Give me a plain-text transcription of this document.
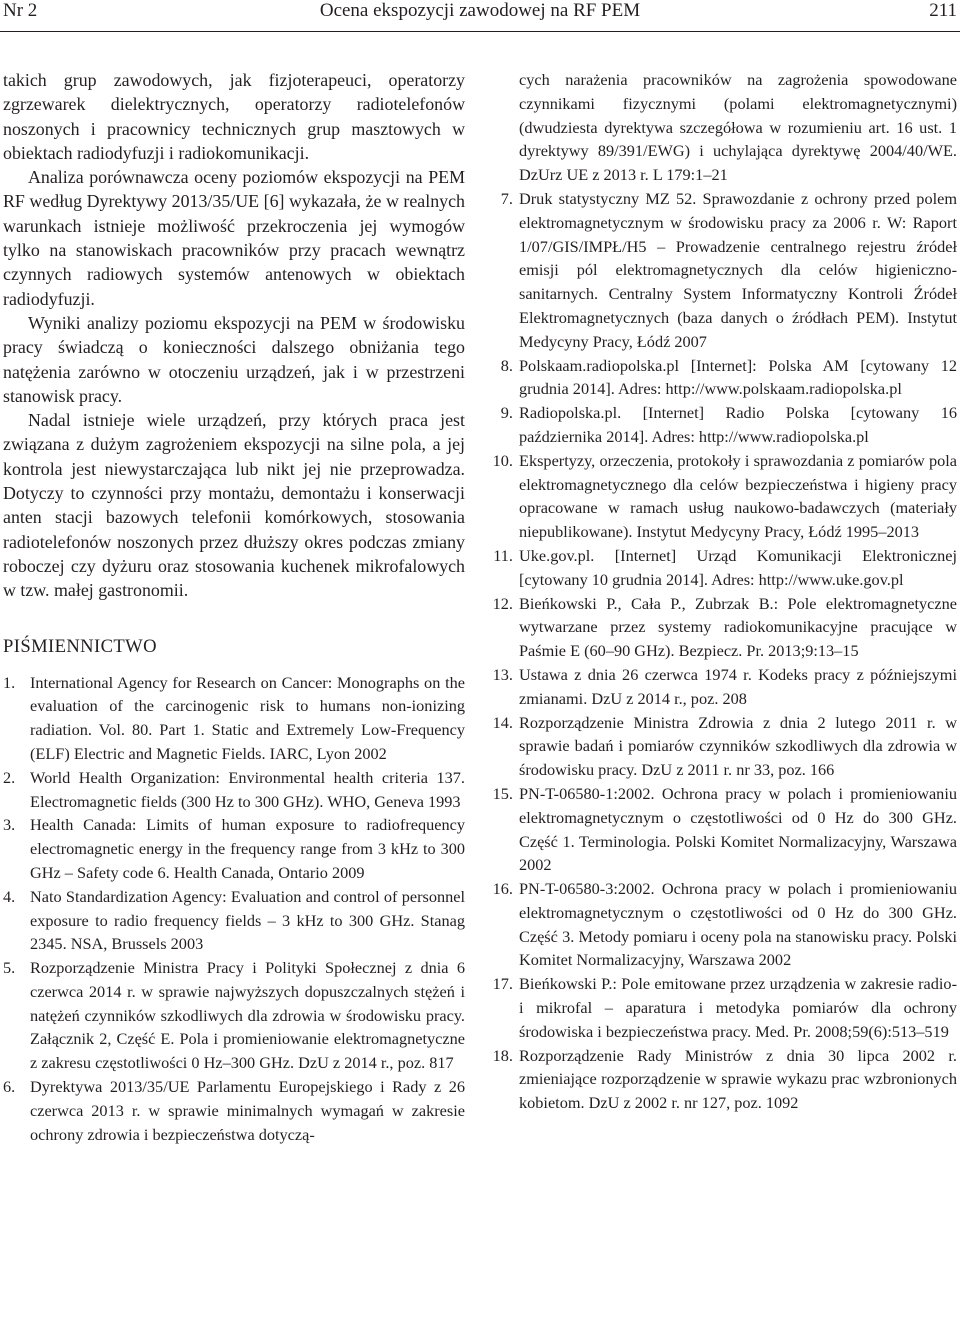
Nr 2	Ocena ekspozycji zawodowej na RF PEM	211

takich grup zawodowych, jak fizjoterapeuci, operatorzy zgrzewarek dielektrycznych, operatorzy radiotelefonów noszonych i pracownicy technicznych grup masztowych w obiektach radiodyfuzji i radiokomunikacji.

Analiza porównawcza oceny poziomów ekspozycji na PEM RF według Dyrektywy 2013/35/UE [6] wykazała, że w realnych warunkach istnieje możliwość przekroczenia jej wymogów tylko na stanowiskach pracowników przy pracach wewnątrz czynnych radiowych systemów antenowych w obiektach radiodyfuzji.

Wyniki analizy poziomu ekspozycji na PEM w środowisku pracy świadczą o konieczności dalszego obniżania tego natężenia zarówno w otoczeniu urządzeń, jak i w przestrzeni stanowisk pracy.

Nadal istnieje wiele urządzeń, przy których praca jest związana z dużym zagrożeniem ekspozycji na silne pola, a jej kontrola jest niewystarczająca lub nikt jej nie przeprowadza. Dotyczy to czynności przy montażu, demontażu i konserwacji anten stacji bazowych telefonii komórkowych, stosowania radiotelefonów noszonych przez dłuższy okres podczas zmiany roboczej czy dyżuru oraz stosowania kuchenek mikrofalowych w tzw. małej gastronomii.

PIŚMIENNICTWO
1. International Agency for Research on Cancer: Monographs on the evaluation of the carcinogenic risk to humans non-ionizing radiation. Vol. 80. Part 1. Static and Extremely Low-Frequency (ELF) Electric and Magnetic Fields. IARC, Lyon 2002
2. World Health Organization: Environmental health criteria 137. Electromagnetic fields (300 Hz to 300 GHz). WHO, Geneva 1993
3. Health Canada: Limits of human exposure to radiofrequency electromagnetic energy in the frequency range from 3 kHz to 300 GHz – Safety code 6. Health Canada, Ontario 2009
4. Nato Standardization Agency: Evaluation and control of personnel exposure to radio frequency fields – 3 kHz to 300 GHz. Stanag 2345. NSA, Brussels 2003
5. Rozporządzenie Ministra Pracy i Polityki Społecznej z dnia 6 czerwca 2014 r. w sprawie najwyższych dopuszczalnych stężeń i natężeń czynników szkodliwych dla zdrowia w środowisku pracy. Załącznik 2, Część E. Pola i promieniowanie elektromagnetyczne z zakresu częstotliwości 0 Hz–300 GHz. DzU z 2014 r., poz. 817
6. Dyrektywa 2013/35/UE Parlamentu Europejskiego i Rady z 26 czerwca 2013 r. w sprawie minimalnych wymagań w zakresie ochrony zdrowia i bezpieczeństwa dotyczą-
cych narażenia pracowników na zagrożenia spowodowane czynnikami fizycznymi (polami elektromagnetycznymi) (dwudziesta dyrektywa szczegółowa w rozumieniu art. 16 ust. 1 dyrektywy 89/391/EWG) i uchylająca dyrektywę 2004/40/WE. DzUrz UE z 2013 r. L 179:1–21
7. Druk statystyczny MZ 52. Sprawozdanie z ochrony przed polem elektromagnetycznym w środowisku pracy za 2006 r. W: Raport 1/07/GIS/IMPŁ/H5 – Prowadzenie centralnego rejestru źródeł emisji pól elektromagnetycznych dla celów higieniczno-sanitarnych. Centralny System Informatyczny Kontroli Źródeł Elektromagnetycznych (baza danych o źródłach PEM). Instytut Medycyny Pracy, Łódź 2007
8. Polskaam.radiopolska.pl [Internet]: Polska AM [cytowany 12 grudnia 2014]. Adres: http://www.polskaam.radiopolska.pl
9. Radiopolska.pl. [Internet] Radio Polska [cytowany 16 października 2014]. Adres: http://www.radiopolska.pl
10. Ekspertyzy, orzeczenia, protokoły i sprawozdania z pomiarów pola elektromagnetycznego dla celów bezpieczeństwa i higieny pracy opracowane w ramach usług naukowo-badawczych (materiały niepublikowane). Instytut Medycyny Pracy, Łódź 1995–2013
11. Uke.gov.pl. [Internet] Urząd Komunikacji Elektronicznej [cytowany 10 grudnia 2014]. Adres: http://www.uke.gov.pl
12. Bieńkowski P., Cała P., Zubrzak B.: Pole elektromagnetyczne wytwarzane przez systemy radiokomunikacyjne pracujące w Paśmie E (60–90 GHz). Bezpiecz. Pr. 2013;9:13–15
13. Ustawa z dnia 26 czerwca 1974 r. Kodeks pracy z późniejszymi zmianami. DzU z 2014 r., poz. 208
14. Rozporządzenie Ministra Zdrowia z dnia 2 lutego 2011 r. w sprawie badań i pomiarów czynników szkodliwych dla zdrowia w środowisku pracy. DzU z 2011 r. nr 33, poz. 166
15. PN-T-06580-1:2002. Ochrona pracy w polach i promieniowaniu elektromagnetycznym o częstotliwości od 0 Hz do 300 GHz. Część 1. Terminologia. Polski Komitet Normalizacyjny, Warszawa 2002
16. PN-T-06580-3:2002. Ochrona pracy w polach i promieniowaniu elektromagnetycznym o częstotliwości od 0 Hz do 300 GHz. Część 3. Metody pomiaru i oceny pola na stanowisku pracy. Polski Komitet Normalizacyjny, Warszawa 2002
17. Bieńkowski P.: Pole emitowane przez urządzenia w zakresie radio- i mikrofal – aparatura i metodyka pomiarów dla ochrony środowiska i bezpieczeństwa pracy. Med. Pr. 2008;59(6):513–519
18. Rozporządzenie Rady Ministrów z dnia 30 lipca 2002 r. zmieniające rozporządzenie w sprawie wykazu prac wzbronionych kobietom. DzU z 2002 r. nr 127, poz. 1092
